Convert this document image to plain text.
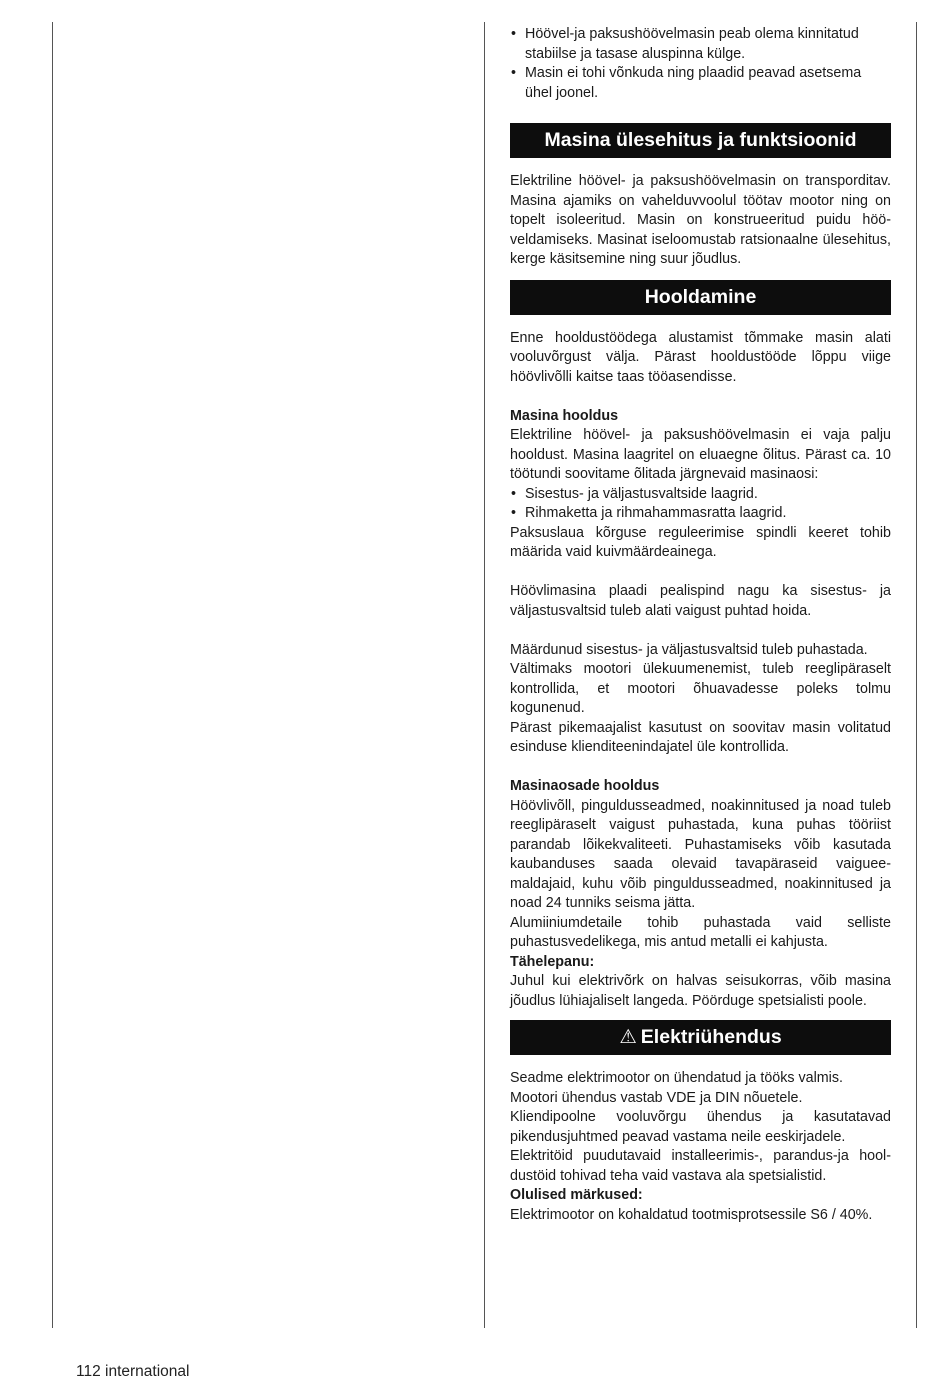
• Höövel-ja paksushöövelmasin peab olema kinnitatud stabiilse ja tasase aluspinna külge.
• Masin ei tohi võnkuda ning plaadid peavad asetsema ühel joonel.
Masina ülesehitus ja funktsioonid

Elektriline höövel- ja paksushöövelmasin on transporditav. Masina ajamiks on vahelduvvoolul töötav mootor ning on topelt isoleeritud. Masin on konstrueeritud puidu hööveldamiseks. Masinat iseloomustab ratsionaalne ülesehitus, kerge käsitsemine ning suur jõudlus.

Hooldamine

Enne hooldustöödega alustamist tõmmake masin alati vooluvõrgust välja. Pärast hooldustööde lõppu viige höövlivõlli kaitse taas tööasendisse.

Masina hooldus

Elektriline höövel- ja paksushöövelmasin ei vaja palju hooldust. Masina laagritel on eluaegne õlitus. Pärast ca. 10 töötundi soovitame õlitada järgnevaid masinaosi:

• Sisestus- ja väljastusvaltside laagrid.
• Rihmaketta ja rihmahammasratta laagrid.

Paksuslaua kõrguse reguleerimise spindli keeret tohib määrida vaid kuivmäärdeainega.

Höövlimasina plaadi pealispind nagu ka sisestus- ja väljastusvaltsid tuleb alati vaigust puhtad hoida.

Määrdunud sisestus- ja väljastusvaltsid tuleb puhastada.

Vältimaks mootori ülekuumenemist, tuleb reeglipäraselt kontrollida, et mootori õhuavadesse poleks tolmu kogunenud.

Pärast pikemaajalist kasutust on soovitav masin volitatud esinduse klienditeenindajatel üle kontrollida.

Masinaosade hooldus

Höövlivõll, pinguldusseadmed, noakinnitused ja noad tuleb reeglipäraselt vaigust puhastada, kuna puhas tööriist parandab lõikekvaliteeti. Puhastamiseks võib kasutada kaubanduses saada olevaid tavapäraseid vaigueemaldajaid, kuhu võib pinguldusseadmed, noakinnitused ja noad 24 tunniks seisma jätta.

Alumiiniumdetaile tohib puhastada vaid selliste puhastusvedelikega, mis antud metalli ei kahjusta.

Tähelepanu:

Juhul kui elektrivõrk on halvas seisukorras, võib masina jõudlus lühiajaliselt langeda. Pöörduge spetsialisti poole.

⚠ Elektriühendus

Seadme elektrimootor on ühendatud ja tööks valmis.

Mootori ühendus vastab VDE ja DIN nõuetele.

Kliendipoolne vooluvõrgu ühendus ja kasutatavad pikendusjuhtmed peavad vastama neile eeskirjadele.

Elektritöid puudutavaid installeerimis-, parandus-ja hooldustöid tohivad teha vaid vastava ala spetsialistid.

Olulised märkused:

Elektrimootor on kohaldatud tootmisprotsessile S6 / 40%.

112 international
